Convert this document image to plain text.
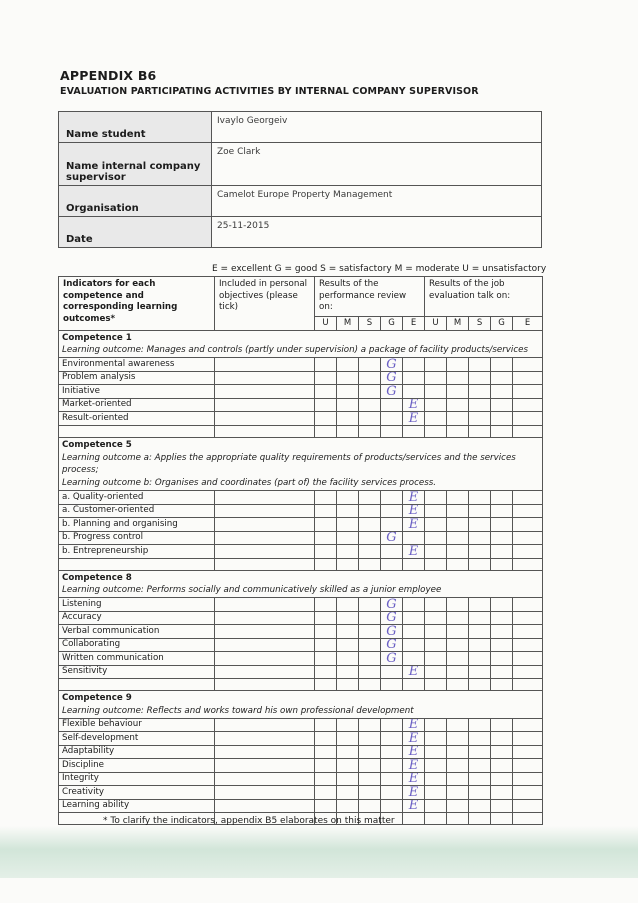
APPENDIX B6
EVALUATION PARTICIPATING ACTIVITIES BY INTERNAL COMPANY SUPERVISOR
Name student	Ivaylo Georgeiv
Name internal company supervisor	Zoe Clark
Organisation	Camelot Europe Property Management
Date	25-11-2015
E = excellent G = good S = satisfactory M = moderate U = unsatisfactory
Indicators for each competence and corresponding learning outcomes*	Included in personal objectives (please tick)	Results of the performance review on:					Results of the job evaluation talk on:				
		U	M	S	G	E	U	M	S	G	E
Competence 1											
Learning outcome: Manages and controls (partly under supervision) a package of facility products/services											
Environmental awareness					G						
Problem analysis					G						
Initiative					G						
Market-oriented						E					
Result-oriented						E					

Competence 5											
Learning outcome a: Applies the appropriate quality requirements of products/services and the services process;											
Learning outcome b: Organises and coordinates (part of) the facility services process.											
a. Quality-oriented						E					
a. Customer-oriented						E					
b. Planning and organising						E					
b. Progress control					G						
b. Entrepreneurship						E					

Competence 8											
Learning outcome: Performs socially and communicatively skilled as a junior employee											
Listening					G						
Accuracy					G						
Verbal communication					G						
Collaborating					G						
Written communication					G						
Sensitivity						E					

Competence 9											
Learning outcome: Reflects and works toward his own professional development											
Flexible behaviour						E					
Self-development						E					
Adaptability						E					
Discipline						E					
Integrity						E					
Creativity						E					
Learning ability						E					

* To clarify the indicators, appendix B5 elaborates on this matter
